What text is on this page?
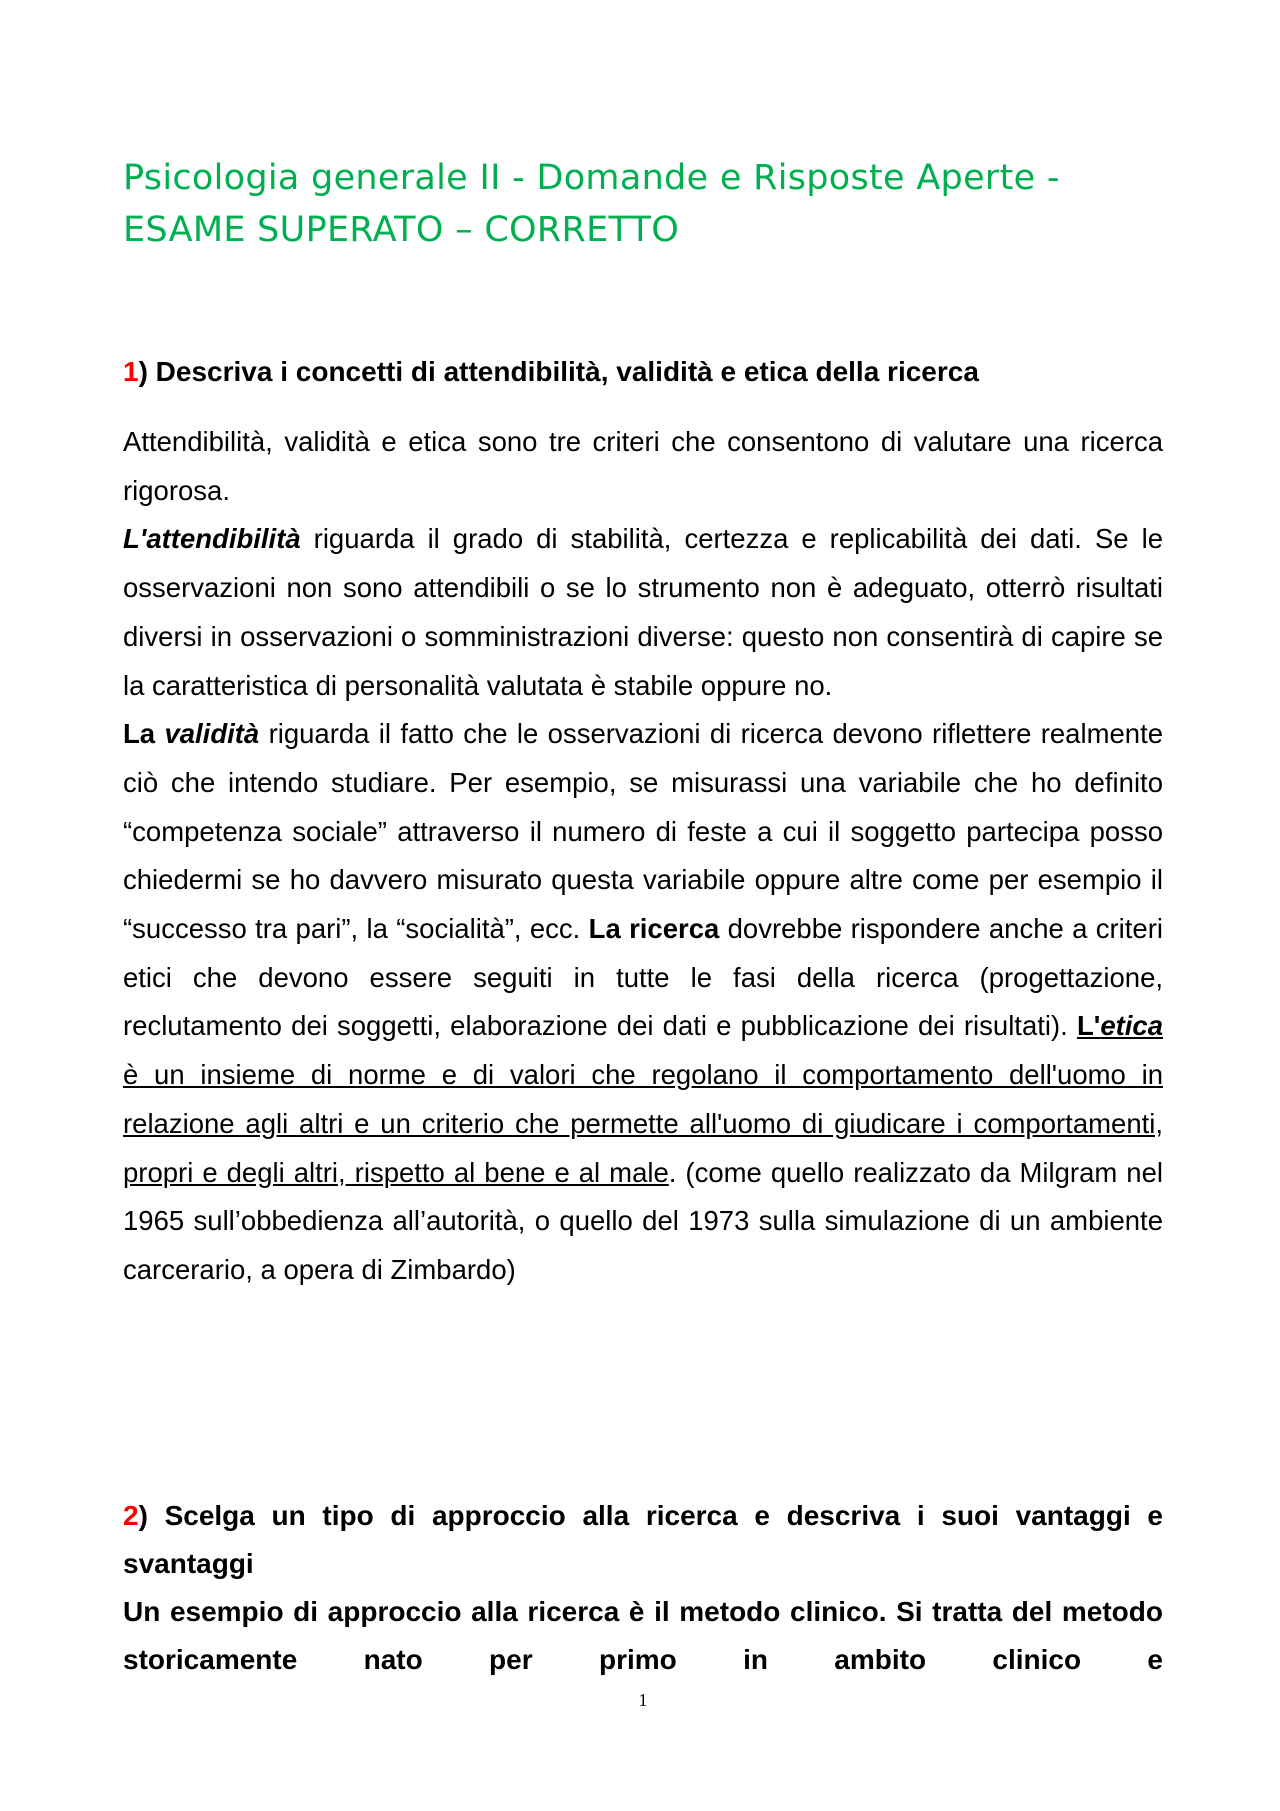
Psicologia generale II - Domande e Risposte Aperte -
ESAME SUPERATO – CORRETTO
1) Descriva i concetti di attendibilità, validità e etica della ricerca

Attendibilità, validità e etica sono tre criteri che consentono di valutare una ricerca rigorosa.

L'attendibilità riguarda il grado di stabilità, certezza e replicabilità dei dati. Se le osservazioni non sono attendibili o se lo strumento non è adeguato, otterrò risultati diversi in osservazioni o somministrazioni diverse: questo non consentirà di capire se la caratteristica di personalità valutata è stabile oppure no.

La validità riguarda il fatto che le osservazioni di ricerca devono riflettere realmente ciò che intendo studiare. Per esempio, se misurassi una variabile che ho definito “competenza sociale” attraverso il numero di feste a cui il soggetto partecipa posso chiedermi se ho davvero misurato questa variabile oppure altre come per esempio il “successo tra pari”, la “socialità”, ecc. La ricerca dovrebbe rispondere anche a criteri etici che devono essere seguiti in tutte le fasi della ricerca (progettazione, reclutamento dei soggetti, elaborazione dei dati e pubblicazione dei risultati). L'etica è un insieme di norme e di valori che regolano il comportamento dell'uomo in relazione agli altri e un criterio che permette all'uomo di giudicare i comportamenti, propri e degli altri, rispetto al bene e al male. (come quello realizzato da Milgram nel 1965 sull’obbedienza all’autorità, o quello del 1973 sulla simulazione di un ambiente carcerario, a opera di Zimbardo)

2) Scelga un tipo di approccio alla ricerca e descriva i suoi vantaggi e svantaggi

Un esempio di approccio alla ricerca è il metodo clinico. Si tratta del metodo storicamente nato per primo in ambito clinico e

1
